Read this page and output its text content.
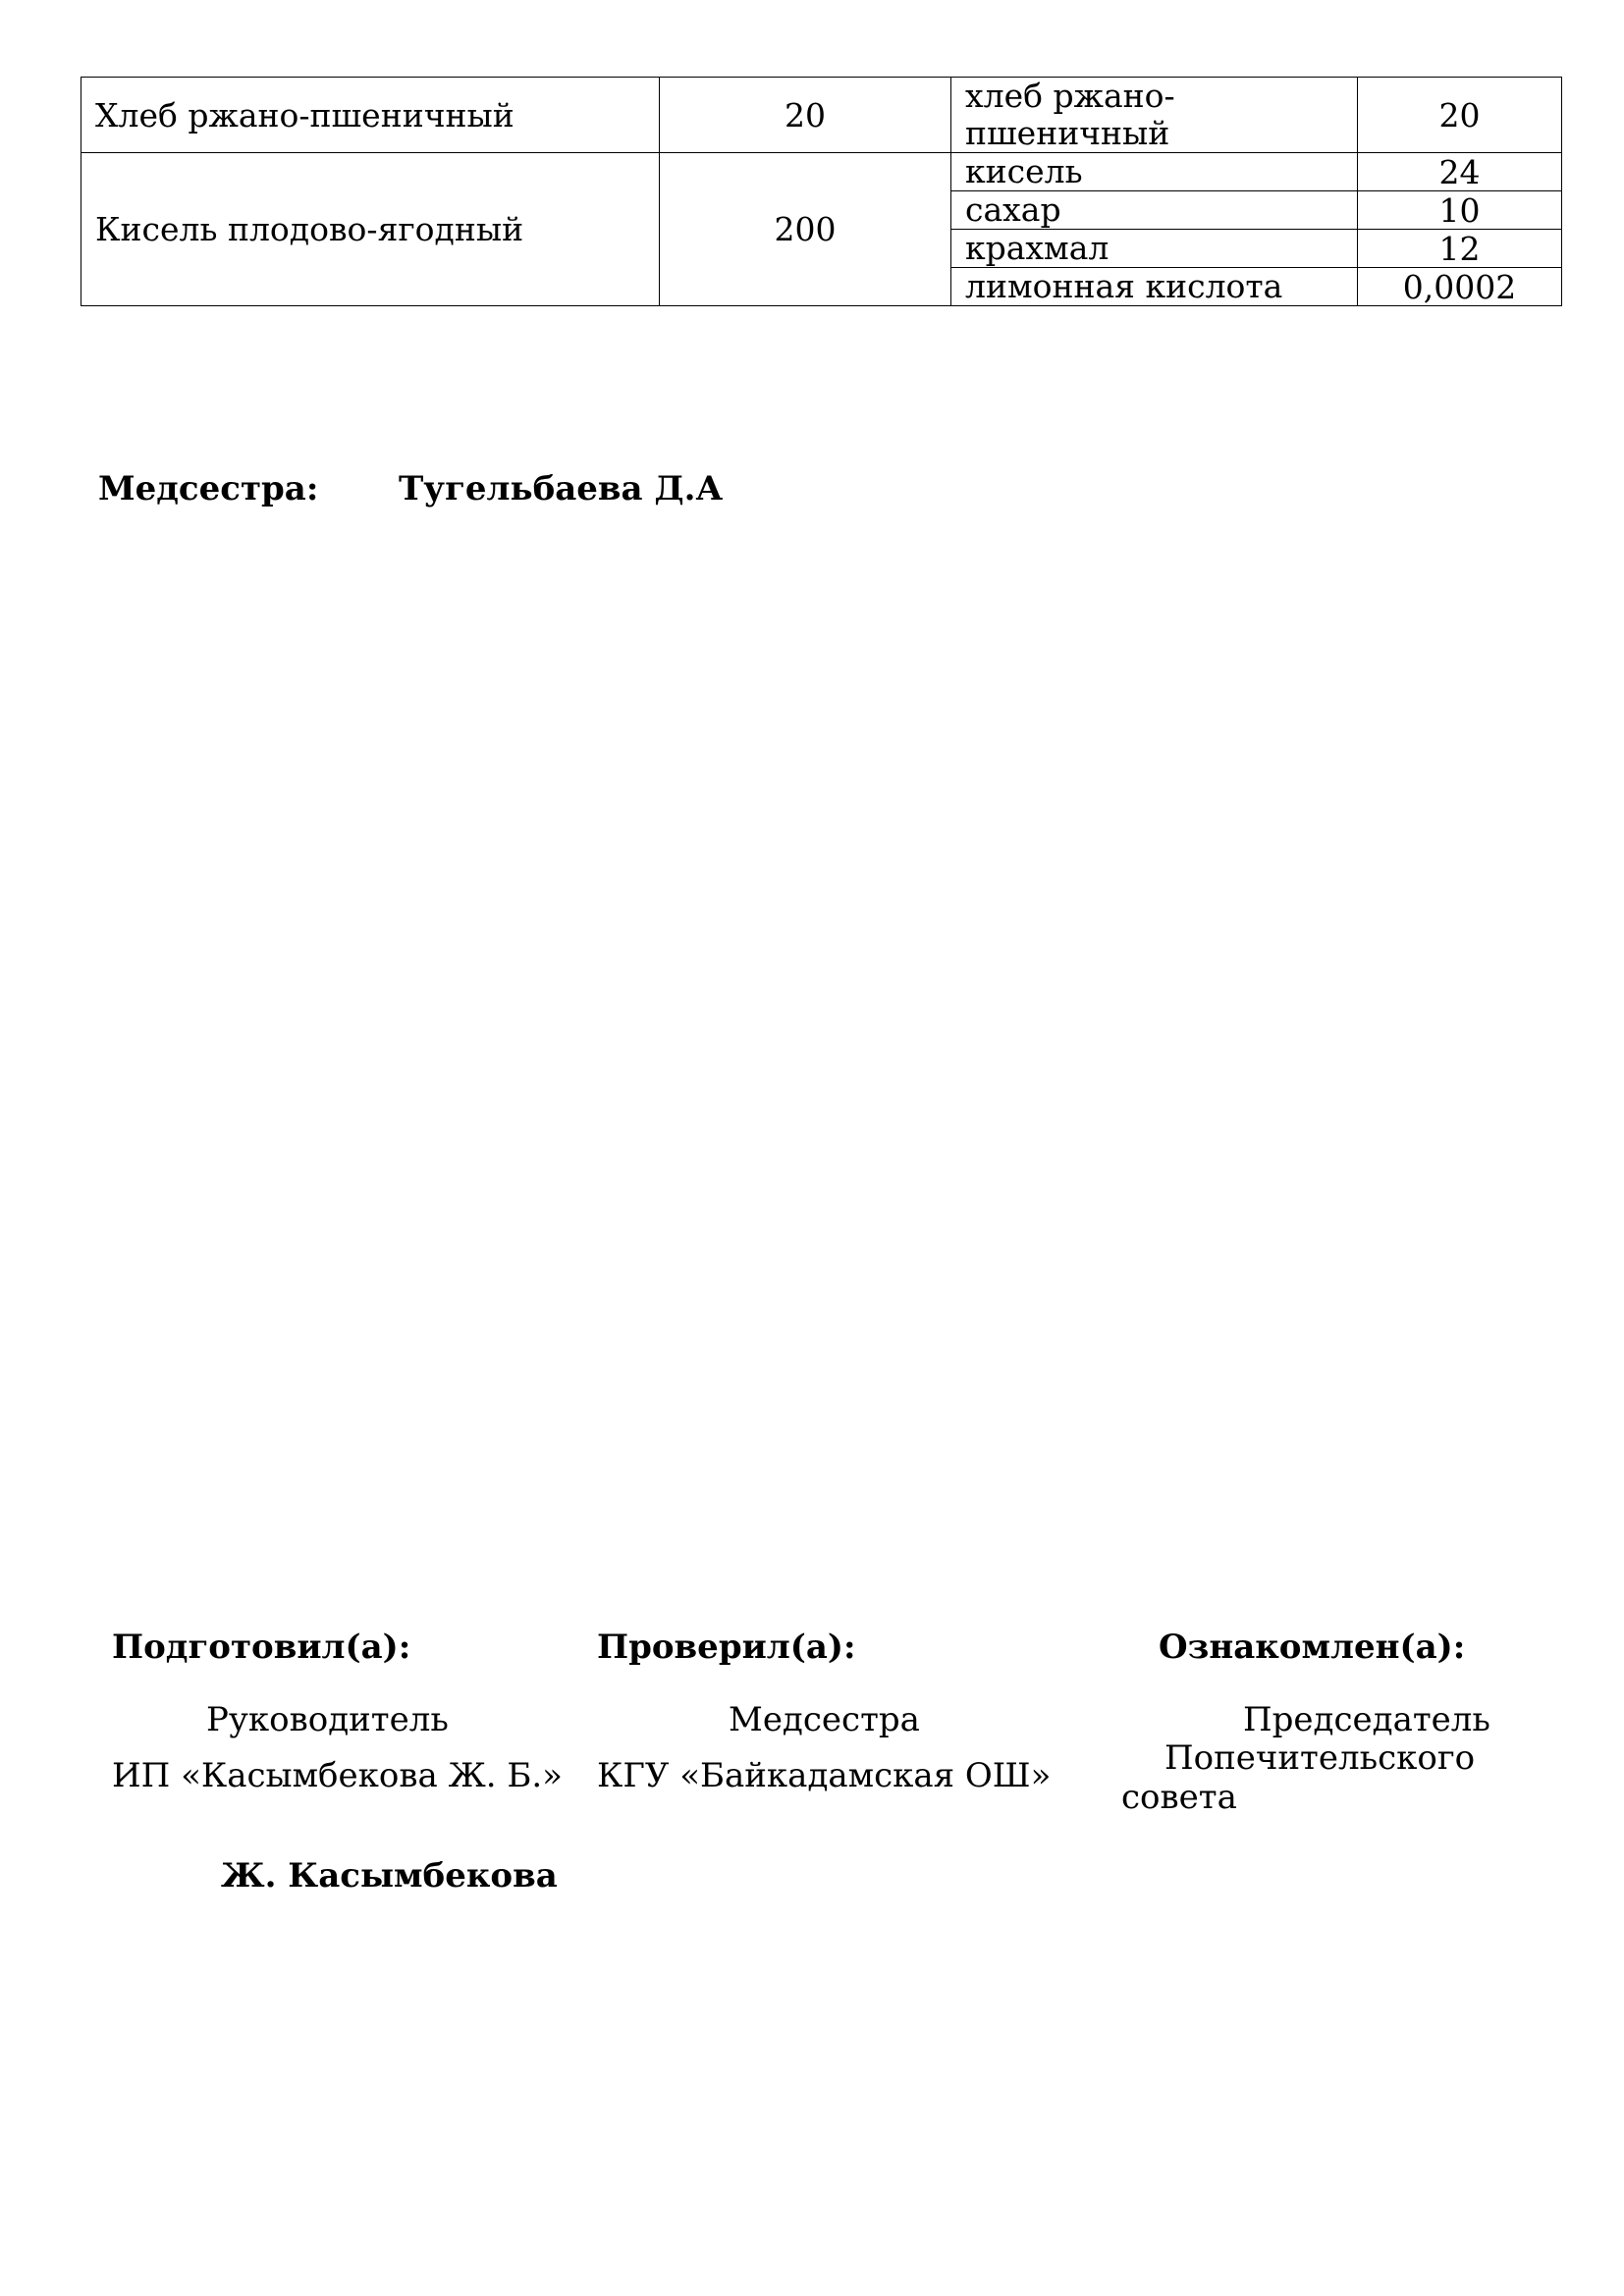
Хлеб ржано-пшеничный	20	хлеб ржано-пшеничный	20
Кисель плодово-ягодный	200	кисель	24
		сахар	10
		крахмал	12
		лимонная кислота	0,0002
Медсестра: Тугельбаева Д.А
Подготовил(а):
Руководитель
ИП «Касымбекова Ж. Б.»
Ж. Касымбекова
Проверил(а):
Медсестра
КГУ «Байкадамская ОШ»
Ознакомлен(а):
Председатель
Попечительского
совета
